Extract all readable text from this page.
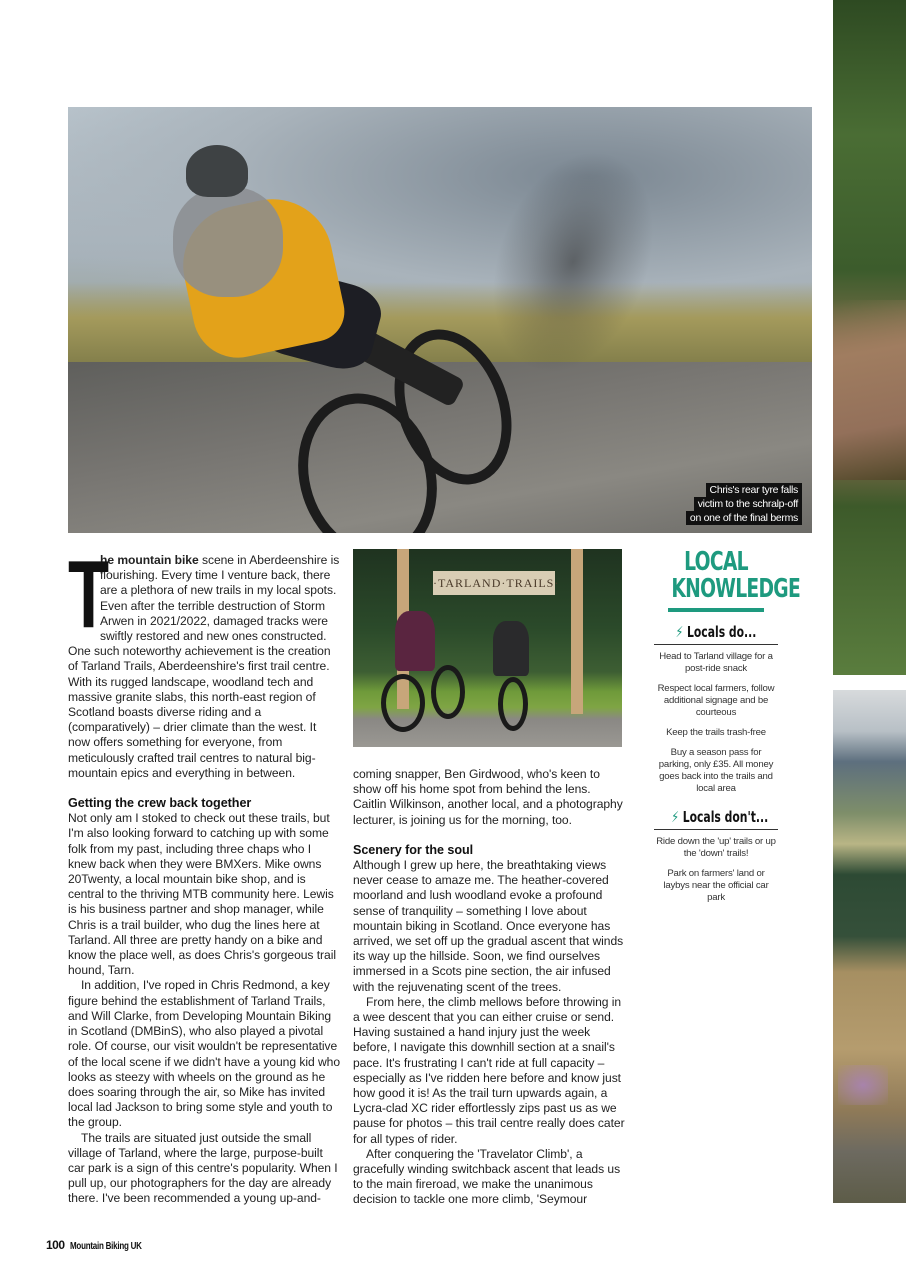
Chris's rear tyre falls
victim to the schralp-off
on one of the final berms

T
he mountain bike scene in Aberdeenshire is flourishing. Every time I venture back, there are a plethora of new trails in my local spots. Even after the terrible destruction of Storm Arwen in 2021/2022, damaged tracks were swiftly restored and new ones constructed. One such noteworthy achievement is the creation of Tarland Trails, Aberdeenshire's first trail centre. With its rugged landscape, woodland tech and massive granite slabs, this north-east region of Scotland boasts diverse riding and a (comparatively) – drier climate than the west. It now offers something for everyone, from meticulously crafted trail centres to natural big-mountain epics and everything in between.

Getting the crew back together

Not only am I stoked to check out these trails, but I'm also looking forward to catching up with some folk from my past, including three chaps who I knew back when they were BMXers. Mike owns 20Twenty, a local mountain bike shop, and is central to the thriving MTB community here. Lewis is his business partner and shop manager, while Chris is a trail builder, who dug the lines here at Tarland. All three are pretty handy on a bike and know the place well, as does Chris's gorgeous trail hound, Tarn.

In addition, I've roped in Chris Redmond, a key figure behind the establishment of Tarland Trails, and Will Clarke, from Developing Mountain Biking in Scotland (DMBinS), who also played a pivotal role. Of course, our visit wouldn't be representative of the local scene if we didn't have a young kid who looks as steezy with wheels on the ground as he does soaring through the air, so Mike has invited local lad Jackson to bring some style and youth to the group.

The trails are situated just outside the small village of Tarland, where the large, purpose-built car park is a sign of this centre's popularity. When I pull up, our photographers for the day are already there. I've been recommended a young up-and-

·TARLAND·TRAILS·

coming snapper, Ben Girdwood, who's keen to show off his home spot from behind the lens. Caitlin Wilkinson, another local, and a photography lecturer, is joining us for the morning, too.

Scenery for the soul

Although I grew up here, the breathtaking views never cease to amaze me. The heather-covered moorland and lush woodland evoke a profound sense of tranquility – something I love about mountain biking in Scotland. Once everyone has arrived, we set off up the gradual ascent that winds its way up the hillside. Soon, we find ourselves immersed in a Scots pine section, the air infused with the rejuvenating scent of the trees.

From here, the climb mellows before throwing in a wee descent that you can either cruise or send. Having sustained a hand injury just the week before, I navigate this downhill section at a snail's pace. It's frustrating I can't ride at full capacity – especially as I've ridden here before and know just how good it is! As the trail turn upwards again, a Lycra-clad XC rider effortlessly zips past us as we pause for photos – this trail centre really does cater for all types of rider.

After conquering the 'Travelator Climb', a gracefully winding switchback ascent that leads us to the main fireroad, we make the unanimous decision to tackle one more climb, 'Seymour

LOCAL
KNOWLEDGE
⚡ Locals do...

Head to Tarland village for a post-ride snack

Respect local farmers, follow additional signage and be courteous

Keep the trails trash-free

Buy a season pass for parking, only £35. All money goes back into the trails and local area

⚡ Locals don't...

Ride down the 'up' trails or up the 'down' trails!

Park on farmers' land or laybys near the official car park

100 Mountain Biking UK
